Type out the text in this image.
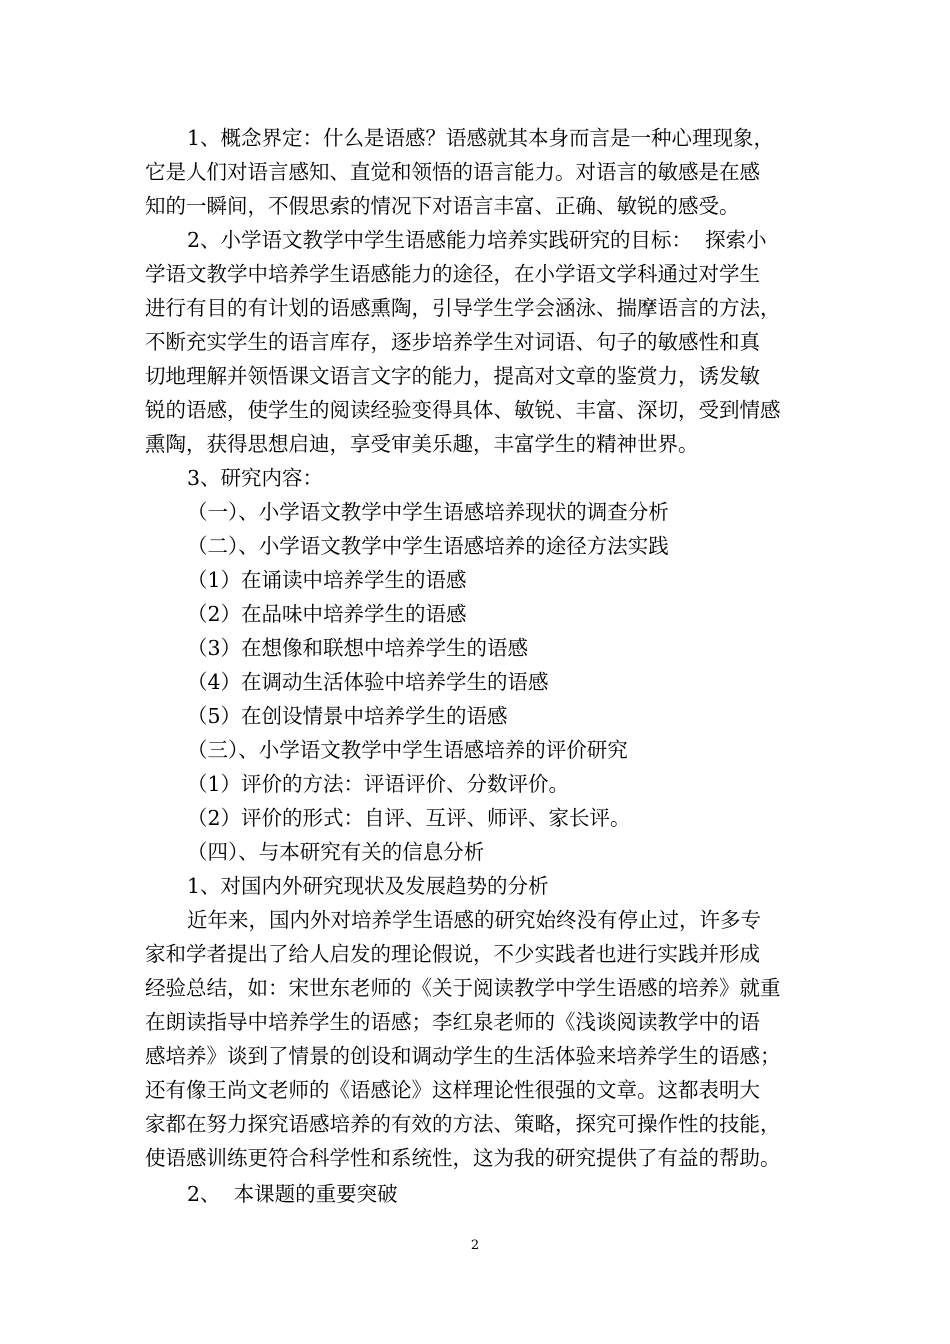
1、概念界定：什么是语感？语感就其本身而言是一种心理现象，

它是人们对语言感知、直觉和领悟的语言能力。对语言的敏感是在感

知的一瞬间，不假思索的情况下对语言丰富、正确、敏锐的感受。

2、小学语文教学中学生语感能力培养实践研究的目标：  探索小

学语文教学中培养学生语感能力的途径，在小学语文学科通过对学生

进行有目的有计划的语感熏陶，引导学生学会涵泳、揣摩语言的方法，

不断充实学生的语言库存，逐步培养学生对词语、句子的敏感性和真

切地理解并领悟课文语言文字的能力，提高对文章的鉴赏力，诱发敏

锐的语感，使学生的阅读经验变得具体、敏锐、丰富、深切，受到情感

熏陶，获得思想启迪，享受审美乐趣，丰富学生的精神世界。

3、研究内容：

（一）、小学语文教学中学生语感培养现状的调查分析

（二）、小学语文教学中学生语感培养的途径方法实践

（1）在诵读中培养学生的语感

（2）在品味中培养学生的语感

（3）在想像和联想中培养学生的语感

（4）在调动生活体验中培养学生的语感

（5）在创设情景中培养学生的语感

（三）、小学语文教学中学生语感培养的评价研究

（1）评价的方法：评语评价、分数评价。

（2）评价的形式：自评、互评、师评、家长评。

（四）、与本研究有关的信息分析

1、对国内外研究现状及发展趋势的分析

近年来，国内外对培养学生语感的研究始终没有停止过，许多专

家和学者提出了给人启发的理论假说，不少实践者也进行实践并形成

经验总结，如：宋世东老师的《关于阅读教学中学生语感的培养》就重

在朗读指导中培养学生的语感；李红泉老师的《浅谈阅读教学中的语

感培养》谈到了情景的创设和调动学生的生活体验来培养学生的语感；

还有像王尚文老师的《语感论》这样理论性很强的文章。这都表明大

家都在努力探究语感培养的有效的方法、策略，探究可操作性的技能，

使语感训练更符合科学性和系统性，这为我的研究提供了有益的帮助。

2、  本课题的重要突破

2
